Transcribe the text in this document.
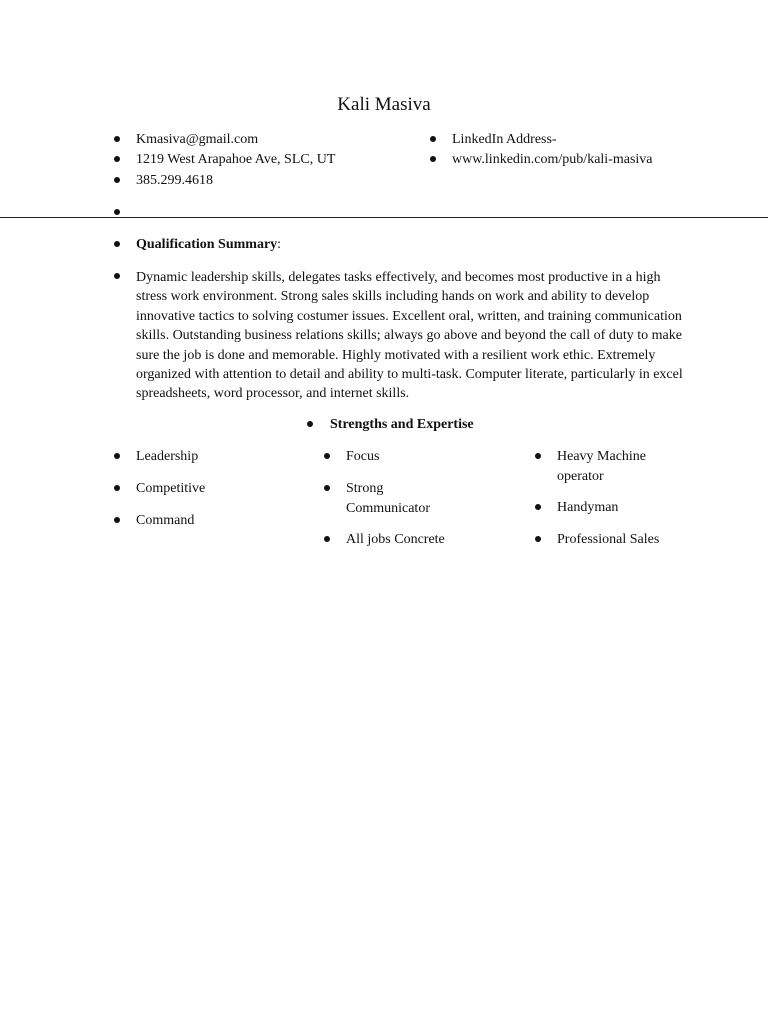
Kali Masiva
Kmasiva@gmail.com
1219 West Arapahoe Ave, SLC, UT
385.299.4618
LinkedIn Address-
www.linkedin.com/pub/kali-masiva
Qualification Summary:
Dynamic leadership skills, delegates tasks effectively, and becomes most productive in a high stress work environment. Strong sales skills including hands on work and ability to develop innovative tactics to solving costumer issues. Excellent oral, written, and training communication skills. Outstanding business relations skills; always go above and beyond the call of duty to make sure the job is done and memorable. Highly motivated with a resilient work ethic. Extremely organized with attention to detail and ability to multi-task. Computer literate, particularly in excel spreadsheets, word processor, and internet skills.
Strengths and Expertise
Leadership
Competitive
Command
Focus
Strong Communicator
All jobs Concrete
Heavy Machine operator
Handyman
Professional Sales
